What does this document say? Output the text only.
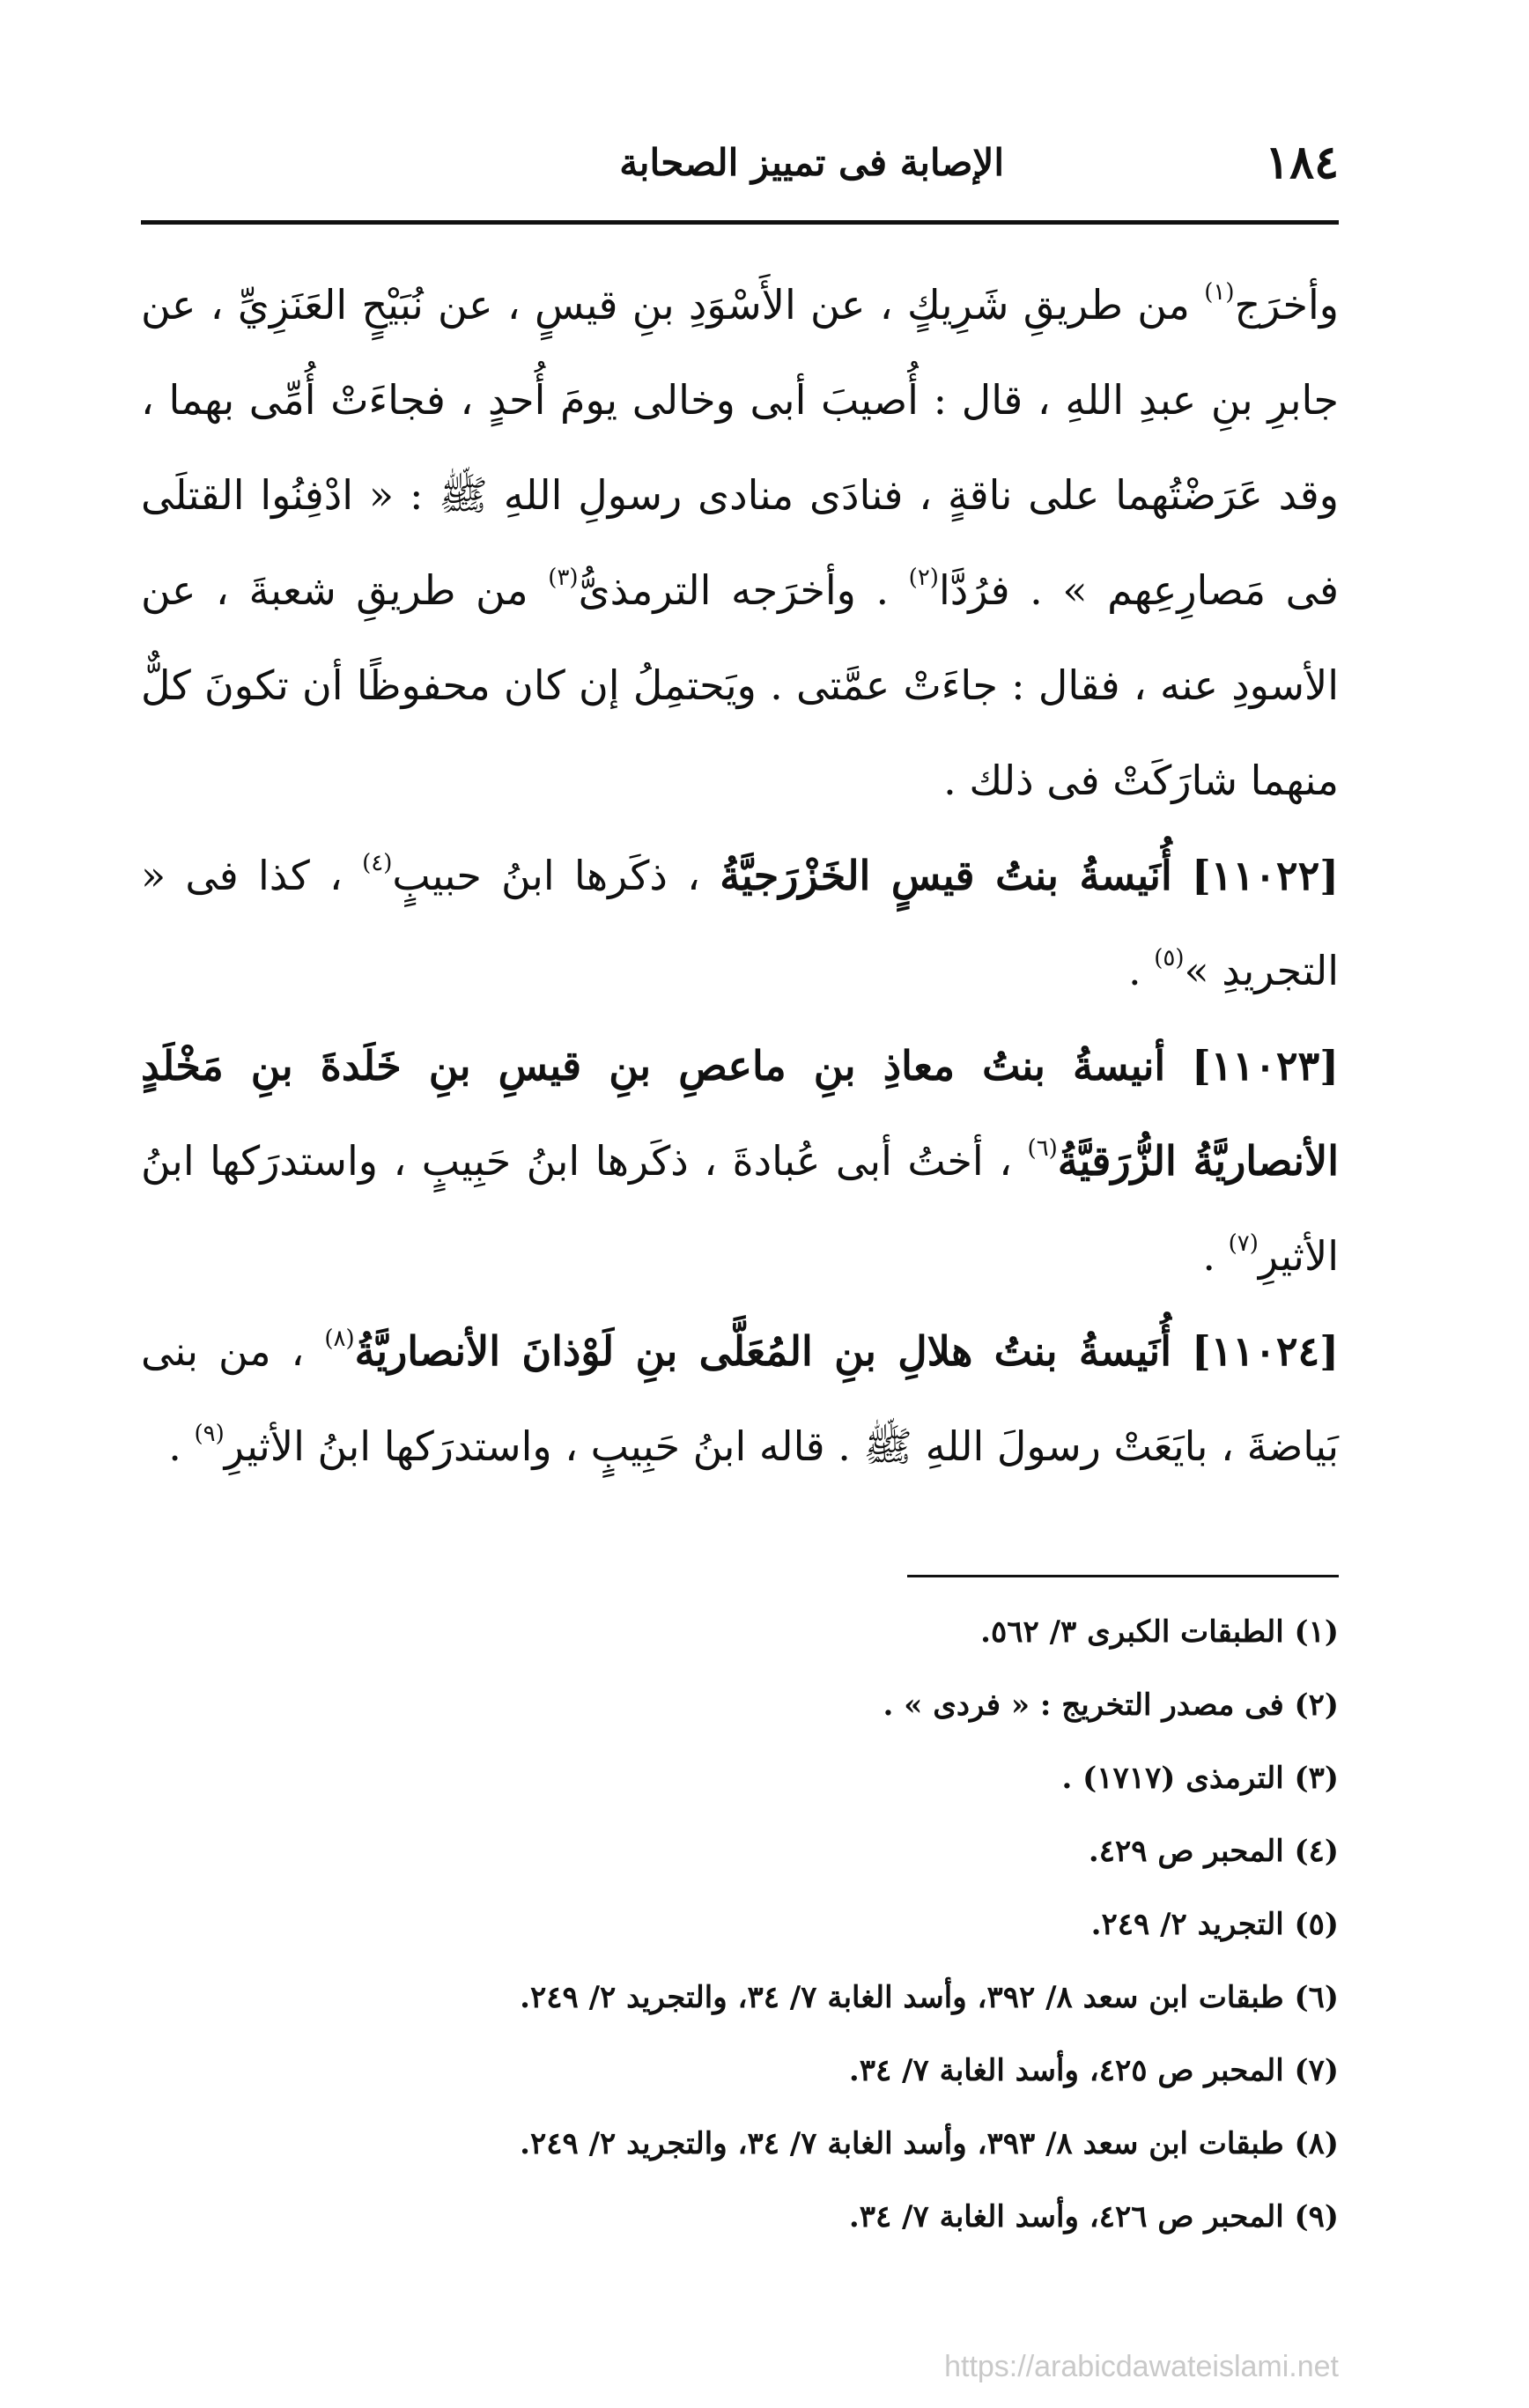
١٨٤
الإصابة فى تمييز الصحابة

وأخرَج$^{(١)}$ من طريقِ شَرِيكٍ ، عن الأَسْوَدِ بنِ قيسٍ ، عن نُبَيْحٍ العَنَزِيِّ ، عن جابرِ بنِ عبدِ اللهِ ، قال : أُصيبَ أبى وخالى يومَ أُحدٍ ، فجاءَتْ أُمِّى بهما ، وقد عَرَضْتُهما على ناقةٍ ، فنادَى منادى رسولِ اللهِ ﷺ : « ادْفِنُوا القتلَى فى مَصارِعِهم » . فرُدَّا$^{(٢)}$ . وأخرَجه الترمذىُّ$^{(٣)}$ من طريقِ شعبةَ ، عن الأسودِ عنه ، فقال : جاءَتْ عمَّتى . ويَحتمِلُ إن كان محفوظًا أن تكونَ كلٌّ منهما شارَكَتْ فى ذلك .

[١١٠٢٢] أُنَيسةُ بنتُ قيسٍ الخَزْرَجيَّةُ ، ذكَرها ابنُ حبيبٍ$^{(٤)}$ ، كذا فى « التجريدِ »$^{(٥)}$ .

[١١٠٢٣] أنيسةُ بنتُ معاذِ بنِ ماعصِ بنِ قيسِ بنِ خَلَدةَ بنِ مَخْلَدٍ الأنصاريَّةُ الزُّرَقيَّةُ$^{(٦)}$ ، أختُ أبى عُبادةَ ، ذكَرها ابنُ حَبِيبٍ ، واستدرَكها ابنُ الأثيرِ$^{(٧)}$ .

[١١٠٢٤] أُنَيسةُ بنتُ هلالِ بنِ المُعَلَّى بنِ لَوْذانَ الأنصاريَّةُ$^{(٨)}$ ، من بنى بَياضةَ ، بايَعَتْ رسولَ اللهِ ﷺ . قاله ابنُ حَبِيبٍ ، واستدرَكها ابنُ الأثيرِ$^{(٩)}$ .

(١) الطبقات الكبرى ٣/ ٥٦٢.
(٢) فى مصدر التخريج : « فردى » .
(٣) الترمذى (١٧١٧) .
(٤) المحبر ص ٤٢٩.
(٥) التجريد ٢/ ٢٤٩.
(٦) طبقات ابن سعد ٨/ ٣٩٢، وأسد الغابة ٧/ ٣٤، والتجريد ٢/ ٢٤٩.
(٧) المحبر ص ٤٢٥، وأسد الغابة ٧/ ٣٤.
(٨) طبقات ابن سعد ٨/ ٣٩٣، وأسد الغابة ٧/ ٣٤، والتجريد ٢/ ٢٤٩.
(٩) المحبر ص ٤٢٦، وأسد الغابة ٧/ ٣٤.
https://arabicdawateislami.net
